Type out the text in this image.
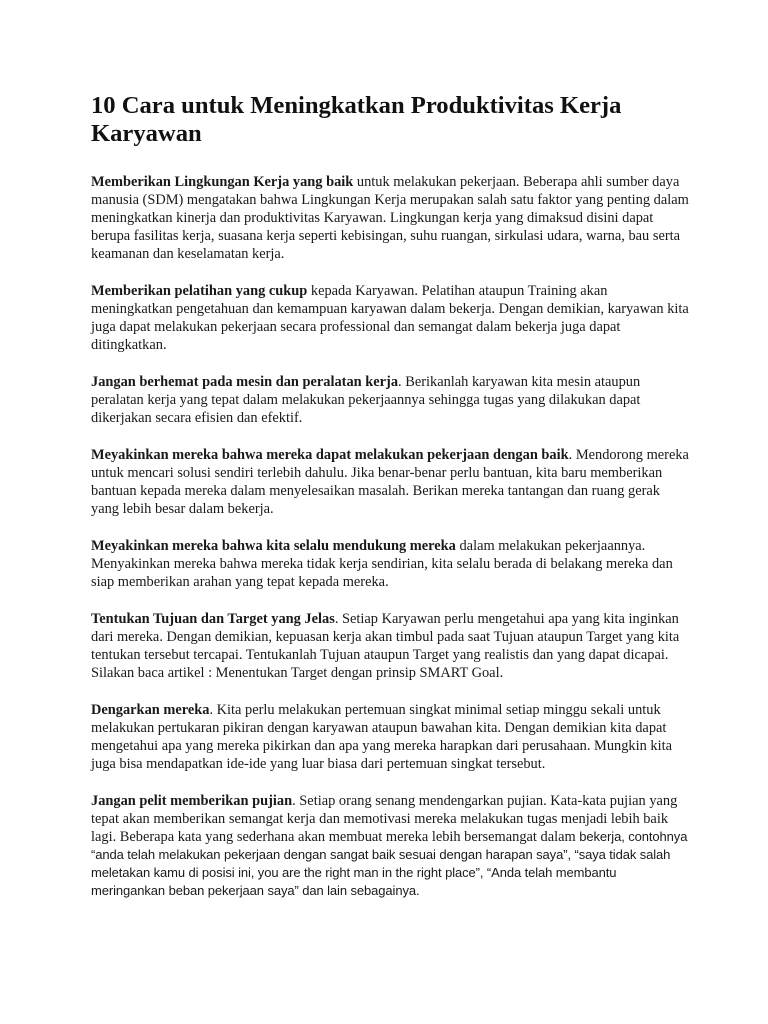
10 Cara untuk Meningkatkan Produktivitas Kerja Karyawan

Memberikan Lingkungan Kerja yang baik untuk melakukan pekerjaan. Beberapa ahli sumber daya manusia (SDM) mengatakan bahwa Lingkungan Kerja merupakan salah satu faktor yang penting dalam meningkatkan kinerja dan produktivitas Karyawan. Lingkungan kerja yang dimaksud disini dapat berupa fasilitas kerja, suasana kerja seperti kebisingan, suhu ruangan, sirkulasi udara, warna, bau serta keamanan dan keselamatan kerja.

Memberikan pelatihan yang cukup kepada Karyawan. Pelatihan ataupun Training akan meningkatkan pengetahuan dan kemampuan karyawan dalam bekerja. Dengan demikian, karyawan kita juga dapat melakukan pekerjaan secara professional dan semangat dalam bekerja juga dapat ditingkatkan.

Jangan berhemat pada mesin dan peralatan kerja. Berikanlah karyawan kita mesin ataupun peralatan kerja yang tepat dalam melakukan pekerjaannya sehingga tugas yang dilakukan dapat dikerjakan secara efisien dan efektif.

Meyakinkan mereka bahwa mereka dapat melakukan pekerjaan dengan baik. Mendorong mereka untuk mencari solusi sendiri terlebih dahulu. Jika benar-benar perlu bantuan, kita baru memberikan bantuan kepada mereka dalam menyelesaikan masalah. Berikan mereka tantangan dan ruang gerak yang lebih besar dalam bekerja.

Meyakinkan mereka bahwa kita selalu mendukung mereka dalam melakukan pekerjaannya. Menyakinkan mereka bahwa mereka tidak kerja sendirian, kita selalu berada di belakang mereka dan siap memberikan arahan yang tepat kepada mereka.

Tentukan Tujuan dan Target yang Jelas. Setiap Karyawan perlu mengetahui apa yang kita inginkan dari mereka. Dengan demikian, kepuasan kerja akan timbul pada saat Tujuan ataupun Target yang kita tentukan tersebut tercapai. Tentukanlah Tujuan ataupun Target yang realistis dan yang dapat dicapai. Silakan baca artikel : Menentukan Target dengan prinsip SMART Goal.

Dengarkan mereka. Kita perlu melakukan pertemuan singkat minimal setiap minggu sekali untuk melakukan pertukaran pikiran dengan karyawan ataupun bawahan kita. Dengan demikian kita dapat mengetahui apa yang mereka pikirkan dan apa yang mereka harapkan dari perusahaan. Mungkin kita juga bisa mendapatkan ide-ide yang luar biasa dari pertemuan singkat tersebut.

Jangan pelit memberikan pujian. Setiap orang senang mendengarkan pujian. Kata-kata pujian yang tepat akan memberikan semangat kerja dan memotivasi mereka melakukan tugas menjadi lebih baik lagi. Beberapa kata yang sederhana akan membuat mereka lebih bersemangat dalam bekerja, contohnya “anda telah melakukan pekerjaan dengan sangat baik sesuai dengan harapan saya”, “saya tidak salah meletakan kamu di posisi ini, you are the right man in the right place”, “Anda telah membantu meringankan beban pekerjaan saya” dan lain sebagainya.
